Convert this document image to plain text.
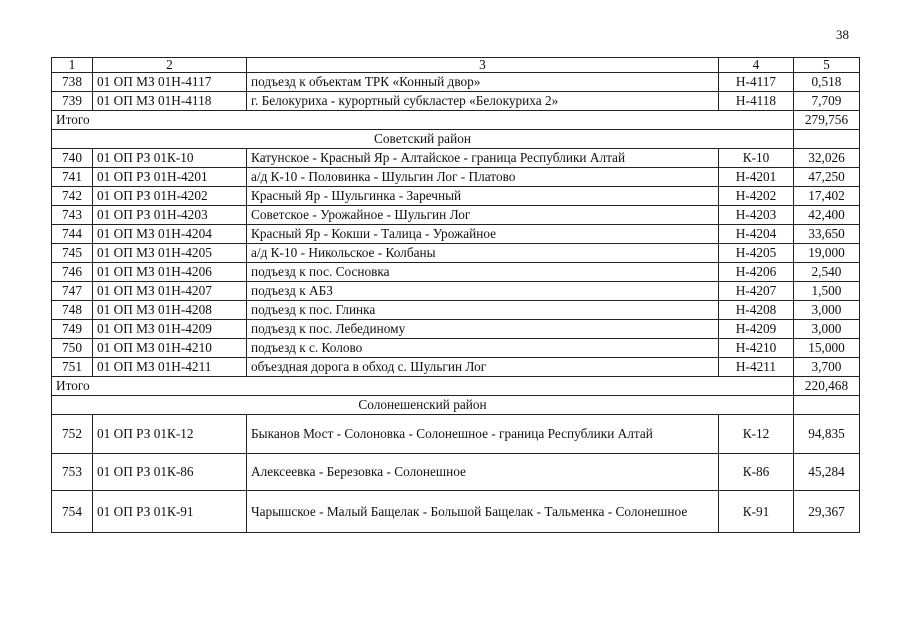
38
1	2	3	4	5
738	01 ОП МЗ 01Н-4117	подъезд к объектам ТРК «Конный двор»	Н-4117	0,518
739	01 ОП МЗ 01Н-4118	г. Белокуриха - курортный субкластер «Белокуриха 2»	Н-4118	7,709
Итого				279,756
Советский район				
740	01 ОП РЗ 01К-10	Катунское - Красный Яр - Алтайское - граница Республики Алтай	К-10	32,026
741	01 ОП РЗ 01Н-4201	а/д К-10 - Половинка - Шульгин Лог - Платово	Н-4201	47,250
742	01 ОП РЗ 01Н-4202	Красный Яр - Шульгинка - Заречный	Н-4202	17,402
743	01 ОП РЗ 01Н-4203	Советское - Урожайное - Шульгин Лог	Н-4203	42,400
744	01 ОП МЗ 01Н-4204	Красный Яр - Кокши - Талица - Урожайное	Н-4204	33,650
745	01 ОП МЗ 01Н-4205	а/д К-10 - Никольское - Колбаны	Н-4205	19,000
746	01 ОП МЗ 01Н-4206	подъезд к пос. Сосновка	Н-4206	2,540
747	01 ОП МЗ 01Н-4207	подъезд к АБЗ	Н-4207	1,500
748	01 ОП МЗ 01Н-4208	подъезд к пос. Глинка	Н-4208	3,000
749	01 ОП МЗ 01Н-4209	подъезд к пос. Лебединому	Н-4209	3,000
750	01 ОП МЗ 01Н-4210	подъезд к с. Колово	Н-4210	15,000
751	01 ОП МЗ 01Н-4211	объездная дорога в обход с. Шульгин Лог	Н-4211	3,700
Итого				220,468
Солонешенский район				
752	01 ОП РЗ 01К-12	Быканов Мост - Солоновка - Солонешное - граница Республики Алтай	К-12	94,835
753	01 ОП РЗ 01К-86	Алексеевка - Березовка - Солонешное	К-86	45,284
754	01 ОП РЗ 01К-91	Чарышское - Малый Бащелак - Большой Бащелак - Тальменка - Солонешное	К-91	29,367
